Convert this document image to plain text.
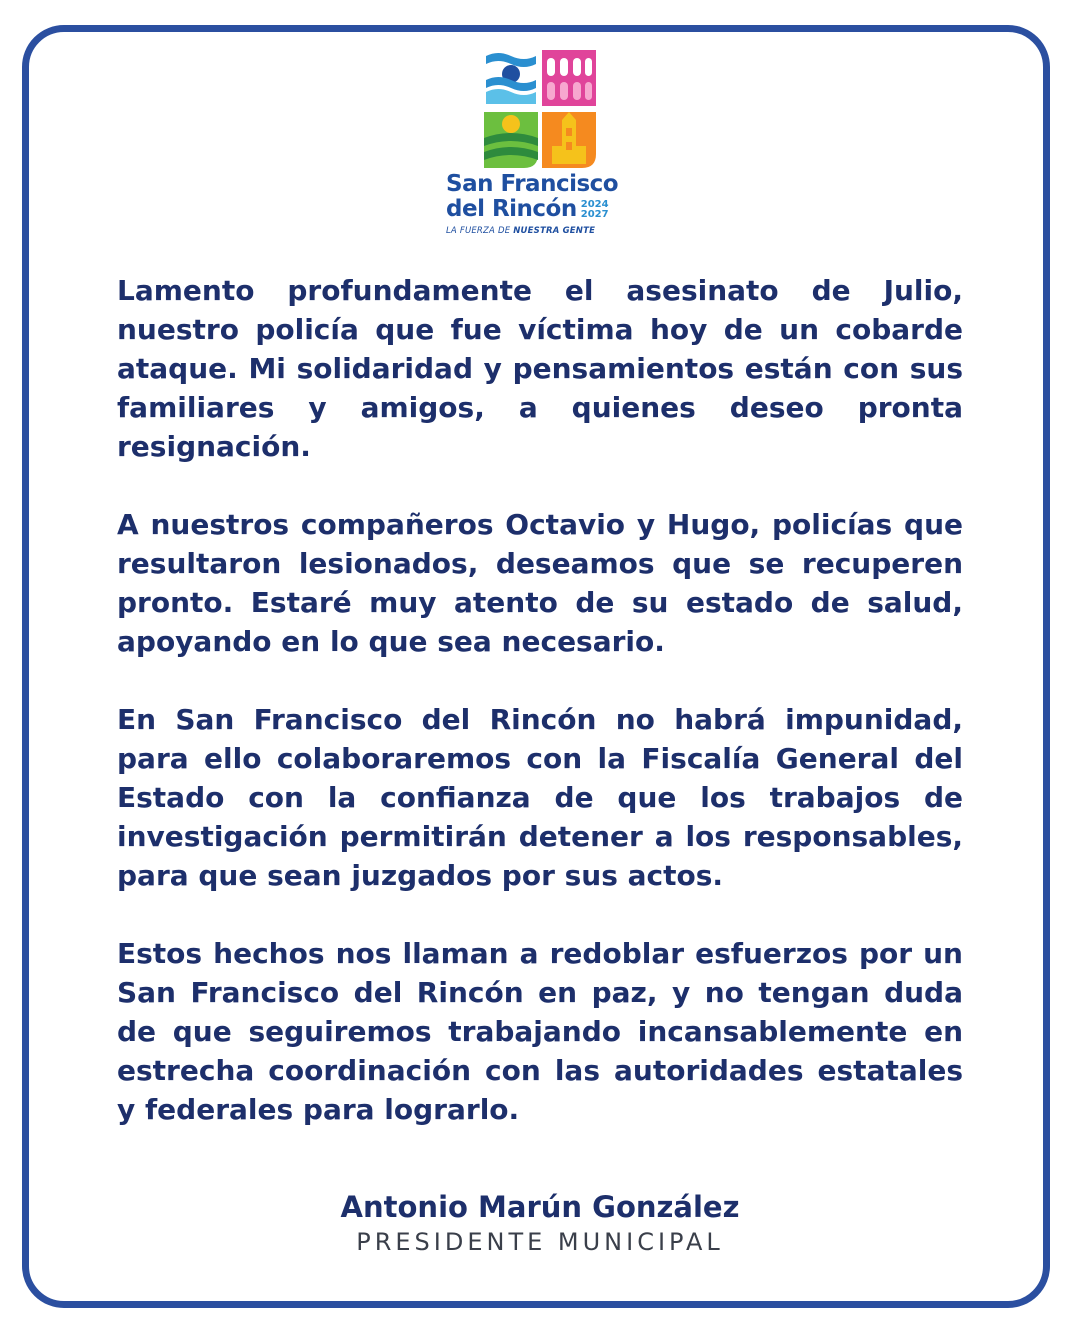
San Francisco
del Rincón 2024
2027
LA FUERZA DE NUESTRA GENTE

Lamento profundamente el asesinato de Julio, nuestro policía que fue víctima hoy de un cobarde ataque. Mi solidaridad y pensamientos están con sus familiares y amigos, a quienes deseo pronta resignación.

A nuestros compañeros Octavio y Hugo, policías que resultaron lesionados, deseamos que se recuperen pronto. Estaré muy atento de su estado de salud, apoyando en lo que sea necesario.

En San Francisco del Rincón no habrá impunidad, para ello colaboraremos con la Fiscalía General del Estado con la confianza de que los trabajos de investigación permitirán detener a los responsables, para que sean juzgados por sus actos.

Estos hechos nos llaman a redoblar esfuerzos por un San Francisco del Rincón en paz, y no tengan duda de que seguiremos trabajando incansablemente en estrecha coordinación con las autoridades estatales y federales para lograrlo.

Antonio Marún González
PRESIDENTE MUNICIPAL
